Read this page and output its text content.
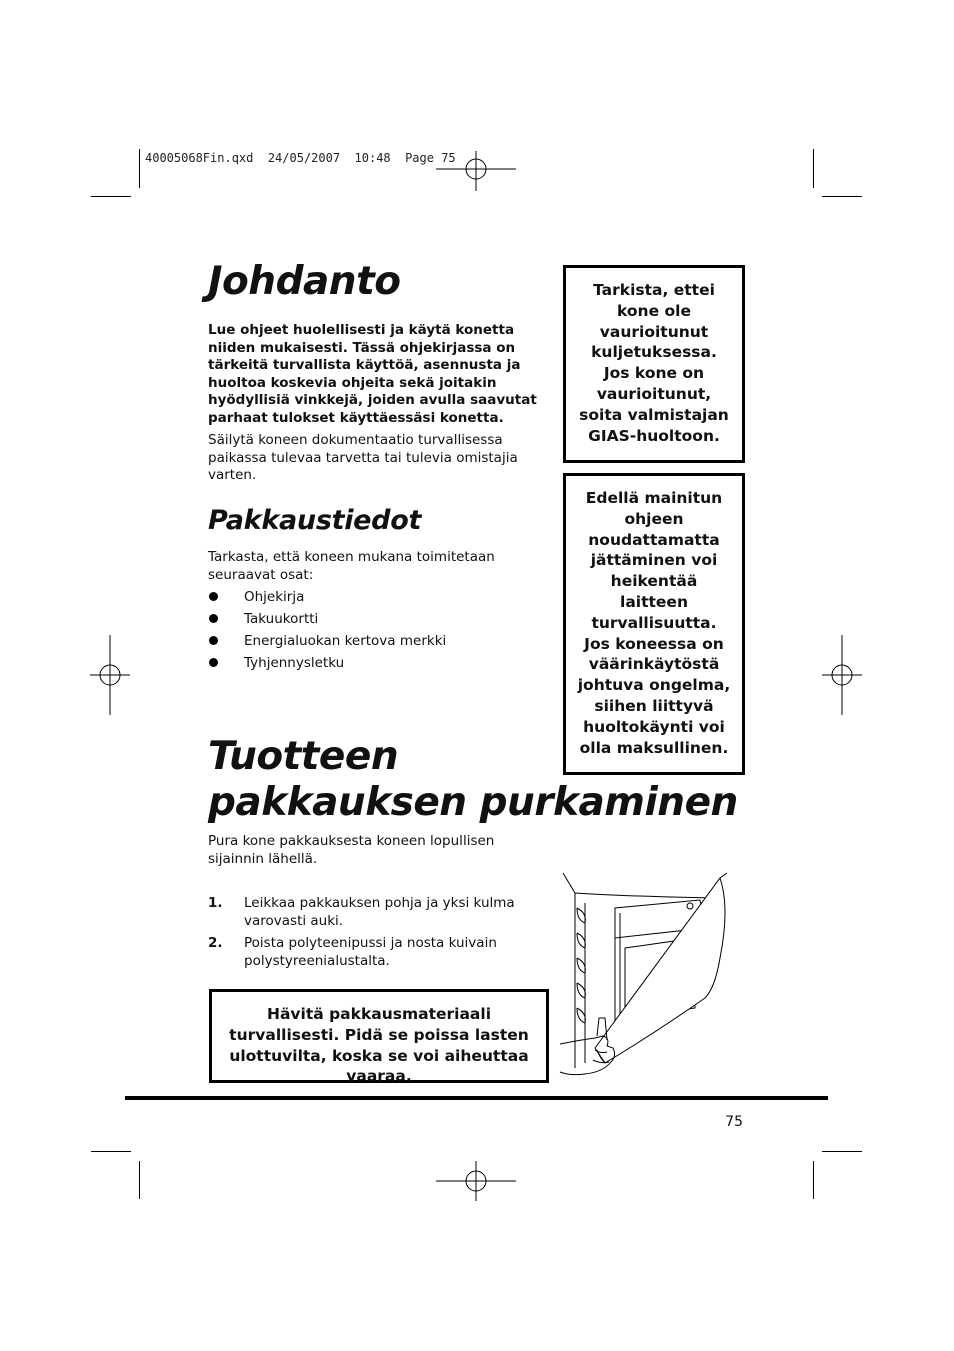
40005068Fin.qxd  24/05/2007  10:48  Page 75
Johdanto

Lue ohjeet huolellisesti ja käytä konetta niiden mukaisesti. Tässä ohjekirjassa on tärkeitä turvallista käyttöä, asennusta ja huoltoa koskevia ohjeita sekä joitakin hyödyllisiä vinkkejä, joiden avulla saavutat parhaat tulokset käyttäessäsi konetta.

Säilytä koneen dokumentaatio turvallisessa paikassa tulevaa tarvetta tai tulevia omistajia varten.

Pakkaustiedot

Tarkasta, että koneen mukana toimitetaan seuraavat osat:

Ohjekirja
Takuukortti
Energialuokan kertova merkki
Tyhjennysletku
Tarkista, ettei kone ole vaurioitunut kuljetuksessa. Jos kone on vaurioitunut, soita valmistajan GIAS-huoltoon.
Edellä mainitun ohjeen noudattamatta jättäminen voi heikentää laitteen turvallisuutta. Jos koneessa on väärinkäytöstä johtuva ongelma, siihen liittyvä huoltokäynti voi olla maksullinen.
Tuotteen
pakkauksen purkaminen

Pura kone pakkauksesta koneen lopullisen sijainnin lähellä.

1. Leikkaa pakkauksen pohja ja yksi kulma varovasti auki.
2. Poista polyteenipussi ja nosta kuivain polystyreenialustalta.
Hävitä pakkausmateriaali turvallisesti. Pidä se poissa lasten ulottuvilta, koska se voi aiheuttaa vaaraa.
75
